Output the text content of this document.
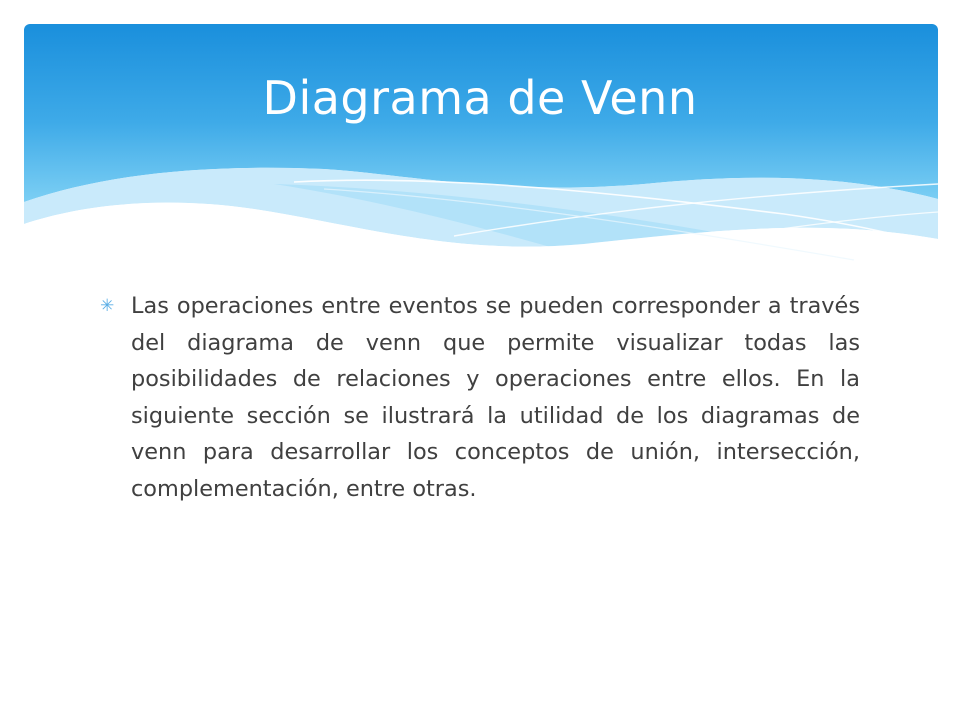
Diagrama de Venn
✳ Las operaciones entre eventos se pueden corresponder a través del diagrama de venn que permite visualizar todas las posibilidades de relaciones y operaciones entre ellos. En la siguiente sección se ilustrará la utilidad de los diagramas de venn para desarrollar los conceptos de unión, intersección, complementación, entre otras.
